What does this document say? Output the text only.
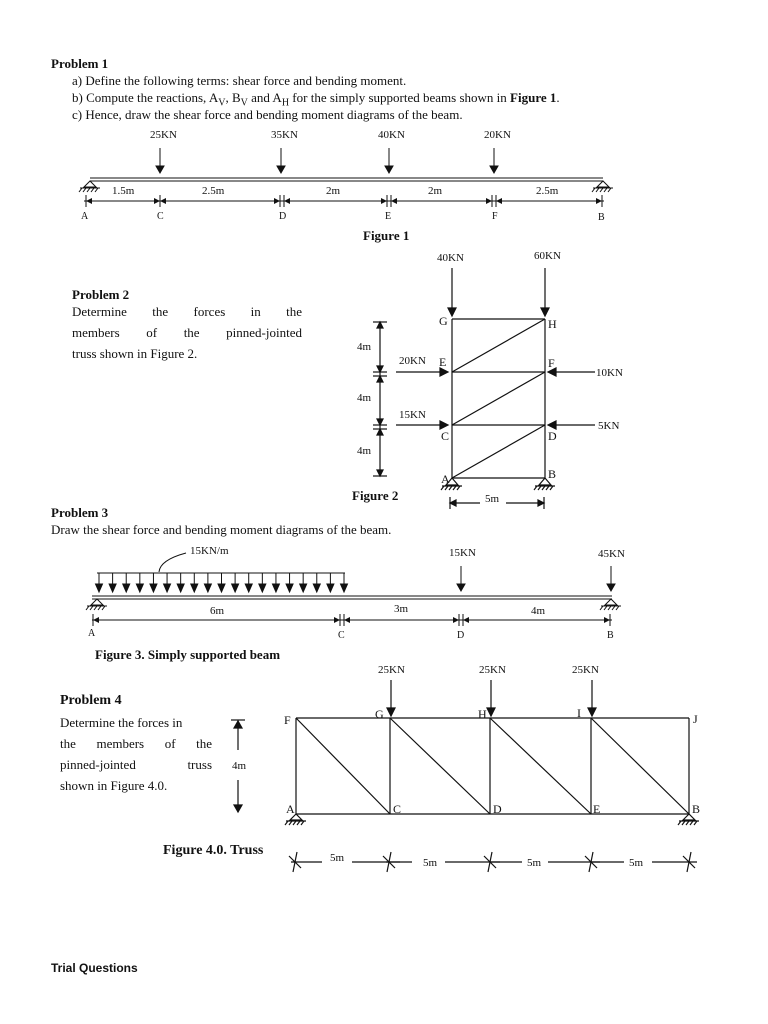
Problem 1
a) Define the following terms: shear force and bending moment.
b) Compute the reactions, $A_V$, $B_V$ and $A_H$ for the simply supported beams shown in Figure 1.
c) Hence, draw the shear force and bending moment diagrams of the beam.
25KN	35KN	40KN	20KN
1.5m	2.5m	2m	2m	2.5m
A	C	D	E	F	B
Figure 1
Problem 2
Determine the forces in the
members of the pinned-jointed
truss shown in Figure 2.
40KN	60KN
20KN
15KN
10KN
5KN
4m
4m
4m
5m
G	H
E	F
C	D
A	B
Figure 2
Problem 3
Draw the shear force and bending moment diagrams of the beam.
15KN/m	15KN	45KN
6m	3m	4m
A	C	D	B
Figure 3. Simply supported beam
Problem 4
Determine the forces in
the members of the
pinned-jointed	truss
shown in Figure 4.0.
4m
25KN	25KN	25KN
F	G	H	I	J
A	C	D	E	B
5m	5m	5m	5m
Figure 4.0. Truss
Trial Questions
